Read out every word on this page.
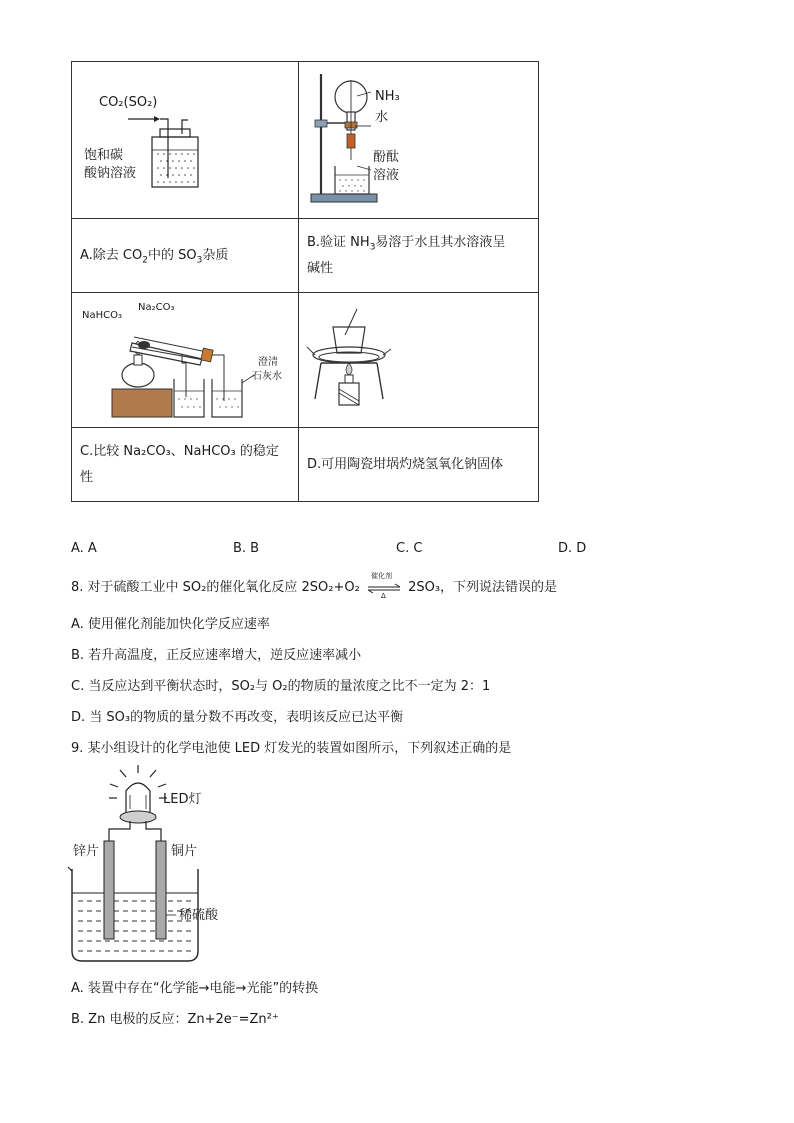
CO₂(SO₂)
饱和碳
酸钠溶液	NH₃
水
酚酞
溶液

A.除去 $CO_2$中的 $SO_3$杂质	B.验证 $NH_3$易溶于水且其水溶液呈
碱性

NaHCO₃
Na₂CO₃
澄清
石灰水

C.比较 Na₂CO₃、NaHCO₃ 的稳定
性	D.可用陶瓷坩埚灼烧氢氧化钠固体
A. A	B. B	C. C	D. D
8. 对于硫酸工业中 SO₂的催化氧化反应 2SO₂+O₂
催化剂
Δ
2SO₃，下列说法错误的是
A. 使用催化剂能加快化学反应速率
B. 若升高温度，正反应速率增大，逆反应速率减小
C. 当反应达到平衡状态时，SO₂与 O₂的物质的量浓度之比不一定为 2：1
D. 当 SO₃的物质的量分数不再改变，表明该反应已达平衡
9. 某小组设计的化学电池使 LED 灯发光的装置如图所示，下列叙述正确的是
LED灯
锌片	铜片
稀硫酸
A. 装置中存在“化学能→电能→光能”的转换
B. Zn 电极的反应：Zn+2e⁻=Zn²⁺
